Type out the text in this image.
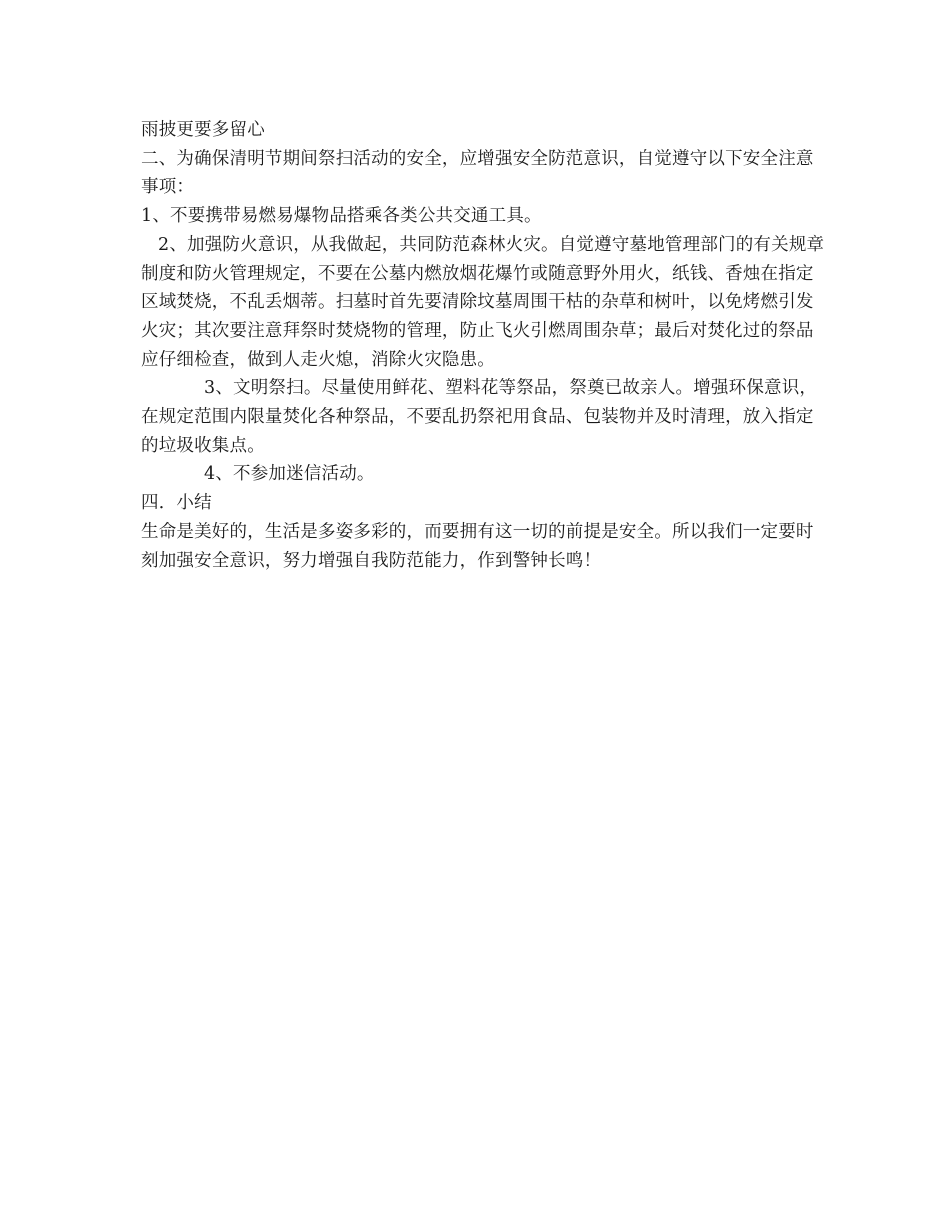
雨披更要多留心

二、为确保清明节期间祭扫活动的安全，应增强安全防范意识，自觉遵守以下安全注意事项：

1、不要携带易燃易爆物品搭乘各类公共交通工具。

2、加强防火意识，从我做起，共同防范森林火灾。自觉遵守墓地管理部门的有关规章制度和防火管理规定，不要在公墓内燃放烟花爆竹或随意野外用火，纸钱、香烛在指定区域焚烧，不乱丢烟蒂。扫墓时首先要清除坟墓周围干枯的杂草和树叶，以免烤燃引发火灾；其次要注意拜祭时焚烧物的管理，防止飞火引燃周围杂草；最后对焚化过的祭品应仔细检查，做到人走火熄，消除火灾隐患。

3、文明祭扫。尽量使用鲜花、塑料花等祭品，祭奠已故亲人。增强环保意识，在规定范围内限量焚化各种祭品，不要乱扔祭祀用食品、包装物并及时清理，放入指定的垃圾收集点。

4、不参加迷信活动。

四．小结

生命是美好的，生活是多姿多彩的，而要拥有这一切的前提是安全。所以我们一定要时刻加强安全意识，努力增强自我防范能力，作到警钟长鸣！
